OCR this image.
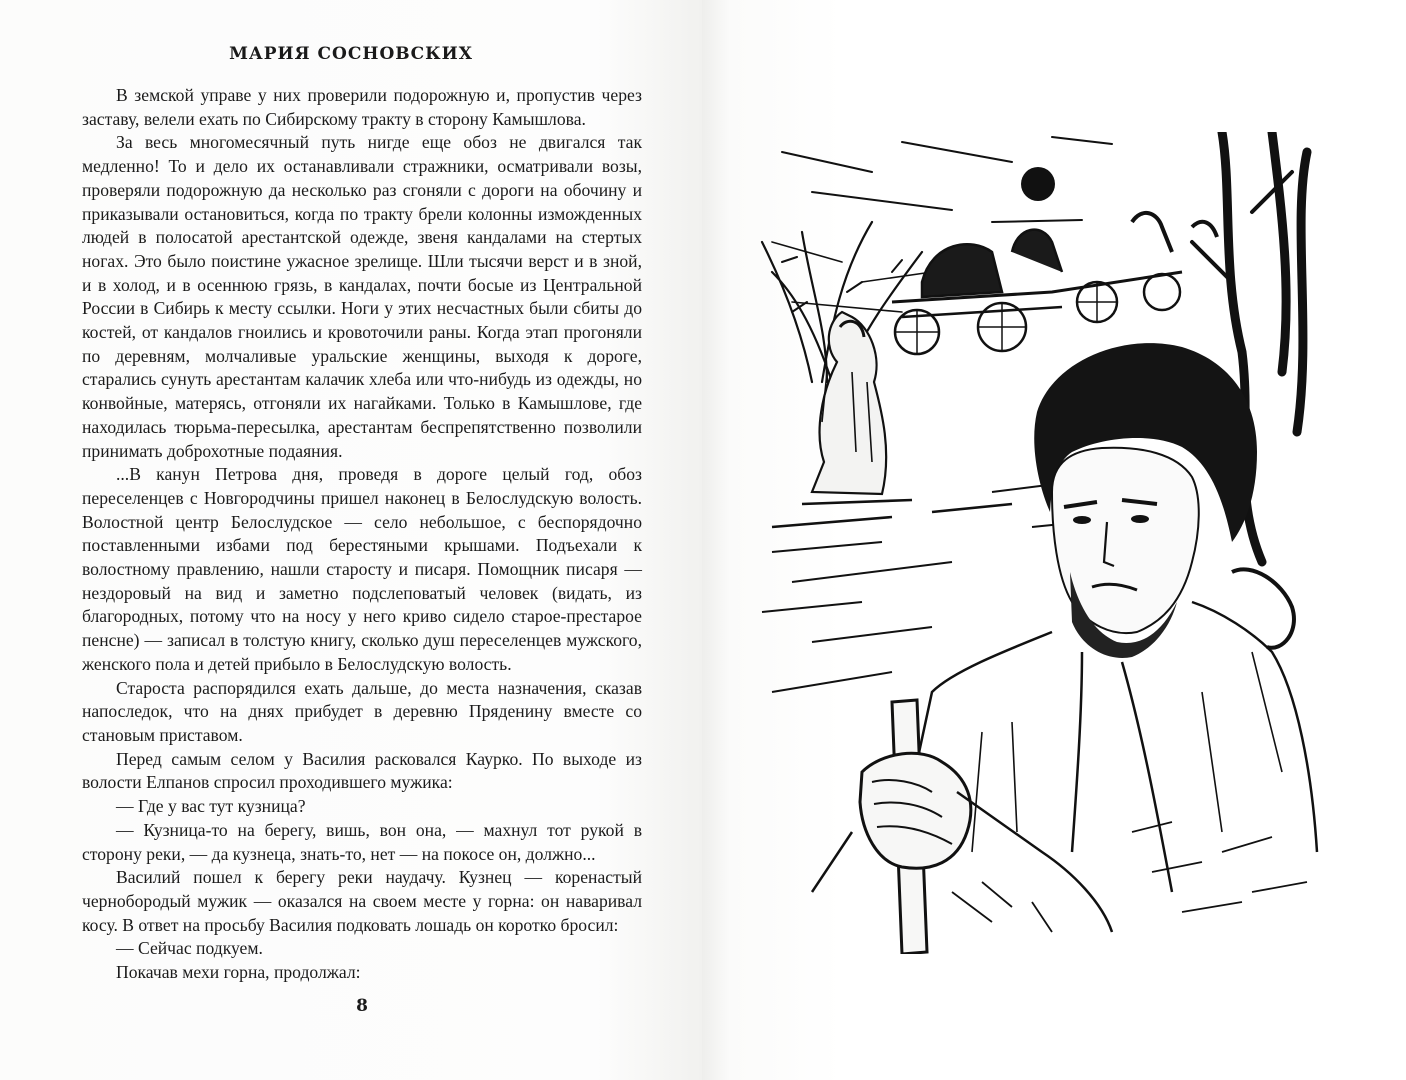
МАРИЯ СОСНОВСКИХ

В земской управе у них проверили подорожную и, пропустив через заставу, велели ехать по Сибирскому тракту в сторону Камышлова.

За весь многомесячный путь нигде еще обоз не двигался так медленно! То и дело их останавливали стражники, осматривали возы, проверяли подорожную да несколько раз сгоняли с дороги на обочину и приказывали остановиться, когда по тракту брели колонны изможденных людей в полосатой арестантской одежде, звеня кандалами на стертых ногах. Это было поистине ужасное зрелище. Шли тысячи верст и в зной, и в холод, и в осеннюю грязь, в кандалах, почти босые из Центральной России в Сибирь к месту ссылки. Ноги у этих несчастных были сбиты до костей, от кандалов гноились и кровоточили раны. Когда этап прогоняли по деревням, молчаливые уральские женщины, выходя к дороге, старались сунуть арестантам калачик хлеба или что-нибудь из одежды, но конвойные, матерясь, отгоняли их нагайками. Только в Камышлове, где находилась тюрьма-пересылка, арестантам беспрепятственно позволили принимать доброхотные подаяния.

...В канун Петрова дня, проведя в дороге целый год, обоз переселенцев с Новгородчины пришел наконец в Белослудскую волость. Волостной центр Белослудское — село небольшое, с беспорядочно поставленными избами под берестяными крышами. Подъехали к волостному правлению, нашли старосту и писаря. Помощник писаря — нездоровый на вид и заметно подслеповатый человек (видать, из благородных, потому что на носу у него криво сидело старое-престарое пенсне) — записал в толстую книгу, сколько душ переселенцев мужского, женского пола и детей прибыло в Белослудскую волость.

Староста распорядился ехать дальше, до места назначения, сказав напоследок, что на днях прибудет в деревню Пряденину вместе со становым приставом.

Перед самым селом у Василия расковался Каурко. По выходе из волости Елпанов спросил проходившего мужика:

— Где у вас тут кузница?

— Кузница-то на берегу, вишь, вон она, — махнул тот рукой в сторону реки, — да кузнеца, знать-то, нет — на покосе он, должно...

Василий пошел к берегу реки наудачу. Кузнец — коренастый чернобородый мужик — оказался на своем месте у горна: он наваривал косу. В ответ на просьбу Василия подковать лошадь он коротко бросил:

— Сейчас подкуем.

Покачав мехи горна, продолжал:

8
